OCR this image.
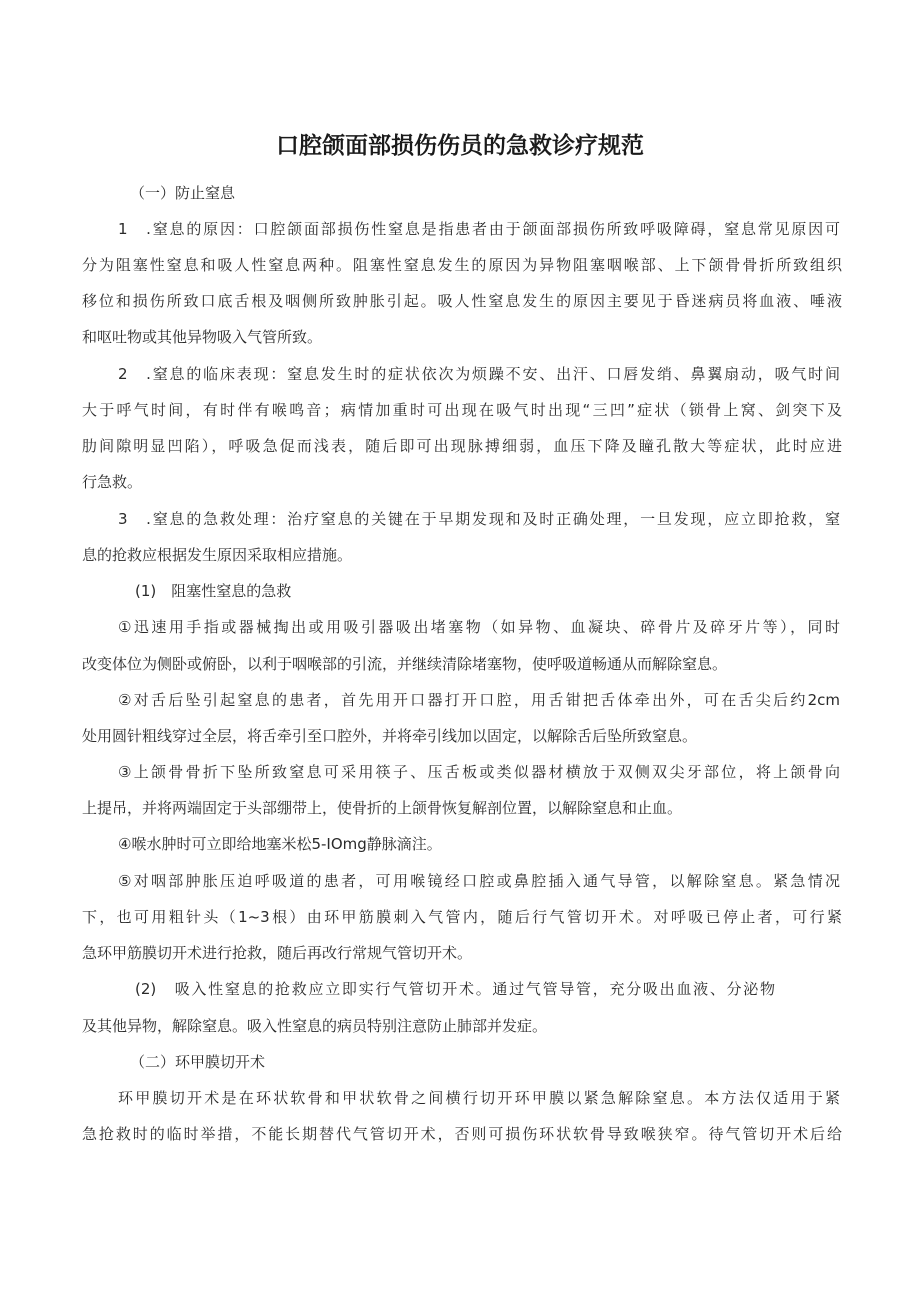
口腔颌面部损伤伤员的急救诊疗规范
（一）防止窒息
1　.窒息的原因：口腔颌面部损伤性窒息是指患者由于颌面部损伤所致呼吸障碍，窒息常见原因可
分为阻塞性窒息和吸人性窒息两种。阻塞性窒息发生的原因为异物阻塞咽喉部、上下颌骨骨折所致组织
移位和损伤所致口底舌根及咽侧所致肿胀引起。吸人性窒息发生的原因主要见于昏迷病员将血液、唾液
和呕吐物或其他异物吸入气管所致。
2　.窒息的临床表现：窒息发生时的症状依次为烦躁不安、出汗、口唇发绡、鼻翼扇动，吸气时间
大于呼气时间，有时伴有喉鸣音；病情加重时可出现在吸气时出现“三凹”症状（锁骨上窝、剑突下及
肋间隙明显凹陷），呼吸急促而浅表，随后即可出现脉搏细弱，血压下降及瞳孔散大等症状，此时应进
行急救。
3　.窒息的急救处理：治疗窒息的关键在于早期发现和及时正确处理，一旦发现，应立即抢救，窒
息的抢救应根据发生原因采取相应措施。
(1)　阻塞性窒息的急救
①迅速用手指或器械掏出或用吸引器吸出堵塞物（如异物、血凝块、碎骨片及碎牙片等），同时
改变体位为侧卧或俯卧，以利于咽喉部的引流，并继续清除堵塞物，使呼吸道畅通从而解除窒息。
②对舌后坠引起窒息的患者，首先用开口器打开口腔，用舌钳把舌体牵出外，可在舌尖后约2cm
处用圆针粗线穿过全层，将舌牵引至口腔外，并将牵引线加以固定，以解除舌后坠所致窒息。
③上颌骨骨折下坠所致窒息可采用筷子、压舌板或类似器材横放于双侧双尖牙部位，将上颌骨向
上提吊，并将两端固定于头部绷带上，使骨折的上颌骨恢复解剖位置，以解除窒息和止血。
④喉水肿时可立即给地塞米松5-IOmg静脉滴注。
⑤对咽部肿胀压迫呼吸道的患者，可用喉镜经口腔或鼻腔插入通气导管，以解除窒息。紧急情况
下，也可用粗针头（1~3根）由环甲筋膜刺入气管内，随后行气管切开术。对呼吸已停止者，可行紧
急环甲筋膜切开术进行抢救，随后再改行常规气管切开术。
(2)　吸入性窒息的抢救应立即实行气管切开术。通过气管导管，充分吸出血液、分泌物
及其他异物，解除窒息。吸入性窒息的病员特别注意防止肺部并发症。
（二）环甲膜切开术
环甲膜切开术是在环状软骨和甲状软骨之间横行切开环甲膜以紧急解除窒息。本方法仅适用于紧
急抢救时的临时举措，不能长期替代气管切开术，否则可损伤环状软骨导致喉狭窄。待气管切开术后给
